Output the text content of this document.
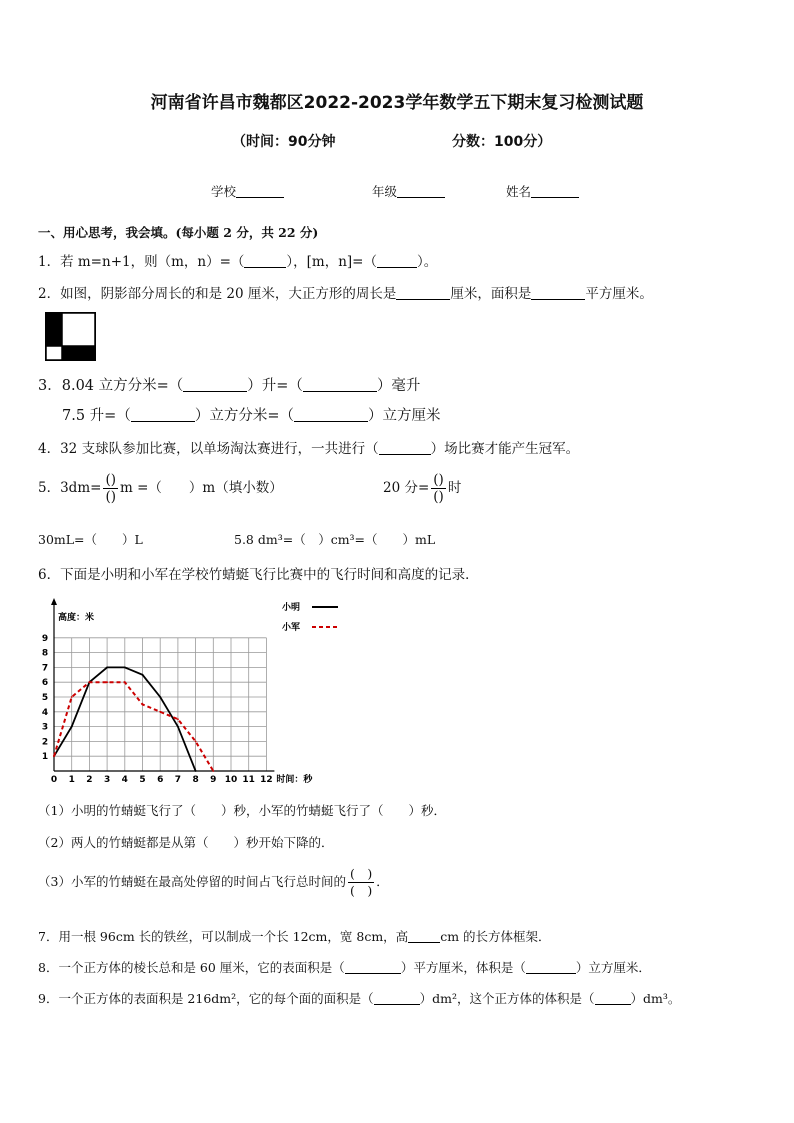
河南省许昌市魏都区2022-2023学年数学五下期末复习检测试题
（时间：90分钟	分数：100分）
学校	年级	姓名
一、用心思考，我会填。(每小题 2 分，共 22 分)
1．若 m=n+1，则（m，n）=（	），[m，n]=（	）。
2．如图，阴影部分周长的和是 20 厘米，大正方形的周长是	厘米，面积是	平方厘米。
3．8.04 立方分米=（	）升=（	）毫升
7.5 升=（	）立方分米=（	）立方厘米
4．32 支球队参加比赛，以单场淘汰赛进行，一共进行（	）场比赛才能产生冠军。
5．$3dm= \frac{()}{()}$ m =（　　）m（填小数）	20 分= $\frac{()}{()}$ 时
30mL=（　　）L	5.8 dm³=（　）cm³=（　　）mL
6．下面是小明和小军在学校竹蜻蜓飞行比赛中的飞行时间和高度的记录．
0 1 2 3 4 5 6 7 8 9 10 11 12
1
2
3
4
5
6
7
8
9
高度：米
时间：秒
小明
小军
（1）小明的竹蜻蜓飞行了（　　）秒，小军的竹蜻蜓飞行了（　　）秒．
（2）两人的竹蜻蜓都是从第（　　）秒开始下降的．
（3）小军的竹蜻蜓在最高处停留的时间占飞行总时间的 $\frac{( )}{( )}$ ．
7．用一根 96cm 长的铁丝，可以制成一个长 12cm，宽 8cm，高	cm 的长方体框架．
8．一个正方体的棱长总和是 60 厘米，它的表面积是（	）平方厘米，体积是（	）立方厘米．
9．一个正方体的表面积是 216dm²，它的每个面的面积是（	）dm²，这个正方体的体积是（	）dm³。
